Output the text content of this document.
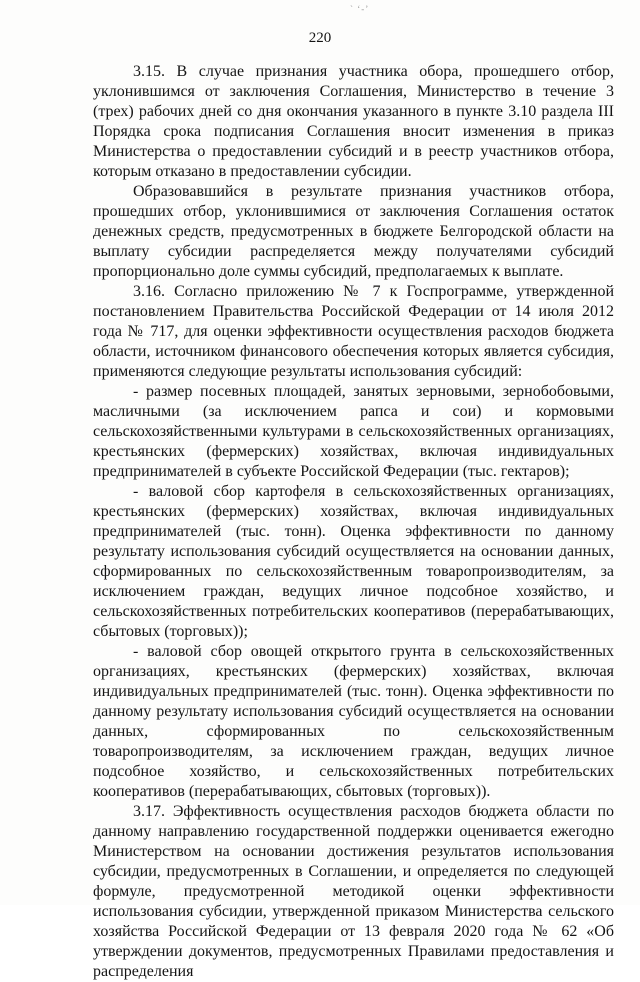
` ‘-’
220

3.15. В случае признания участника обора, прошедшего отбор, уклонившимся от заключения Соглашения, Министерство в течение 3 (трех) рабочих дней со дня окончания указанного в пункте 3.10 раздела III Порядка срока подписания Соглашения вносит изменения в приказ Министерства о предоставлении субсидий и в реестр участников отбора, которым отказано в предоставлении субсидии.

Образовавшийся в результате признания участников отбора, прошедших отбор, уклонившимися от заключения Соглашения остаток денежных средств, предусмотренных в бюджете Белгородской области на выплату субсидии распределяется между получателями субсидий пропорционально доле суммы субсидий, предполагаемых к выплате.

3.16. Согласно приложению № 7 к Госпрограмме, утвержденной постановлением Правительства Российской Федерации от 14 июля 2012 года № 717, для оценки эффективности осуществления расходов бюджета области, источником финансового обеспечения которых является субсидия, применяются следующие результаты использования субсидий:

- размер посевных площадей, занятых зерновыми, зернобобовыми, масличными (за исключением рапса и сои) и кормовыми сельскохозяйственными культурами в сельскохозяйственных организациях, крестьянских (фермерских) хозяйствах, включая индивидуальных предпринимателей в субъекте Российской Федерации (тыс. гектаров);

- валовой сбор картофеля в сельскохозяйственных организациях, крестьянских (фермерских) хозяйствах, включая индивидуальных предпринимателей (тыс. тонн). Оценка эффективности по данному результату использования субсидий осуществляется на основании данных, сформированных по сельскохозяйственным товаропроизводителям, за исключением граждан, ведущих личное подсобное хозяйство, и сельскохозяйственных потребительских кооперативов (перерабатывающих, сбытовых (торговых));

- валовой сбор овощей открытого грунта в сельскохозяйственных организациях, крестьянских (фермерских) хозяйствах, включая индивидуальных предпринимателей (тыс. тонн). Оценка эффективности по данному результату использования субсидий осуществляется на основании данных, сформированных по сельскохозяйственным товаропроизводителям, за исключением граждан, ведущих личное подсобное хозяйство, и сельскохозяйственных потребительских кооперативов (перерабатывающих, сбытовых (торговых)).

3.17. Эффективность осуществления расходов бюджета области по данному направлению государственной поддержки оценивается ежегодно Министерством на основании достижения результатов использования субсидии, предусмотренных в Соглашении, и определяется по следующей формуле, предусмотренной методикой оценки эффективности использования субсидии, утвержденной приказом Министерства сельского хозяйства Российской Федерации от 13 февраля 2020 года № 62 «Об утверждении документов, предусмотренных Правилами предоставления и распределения
